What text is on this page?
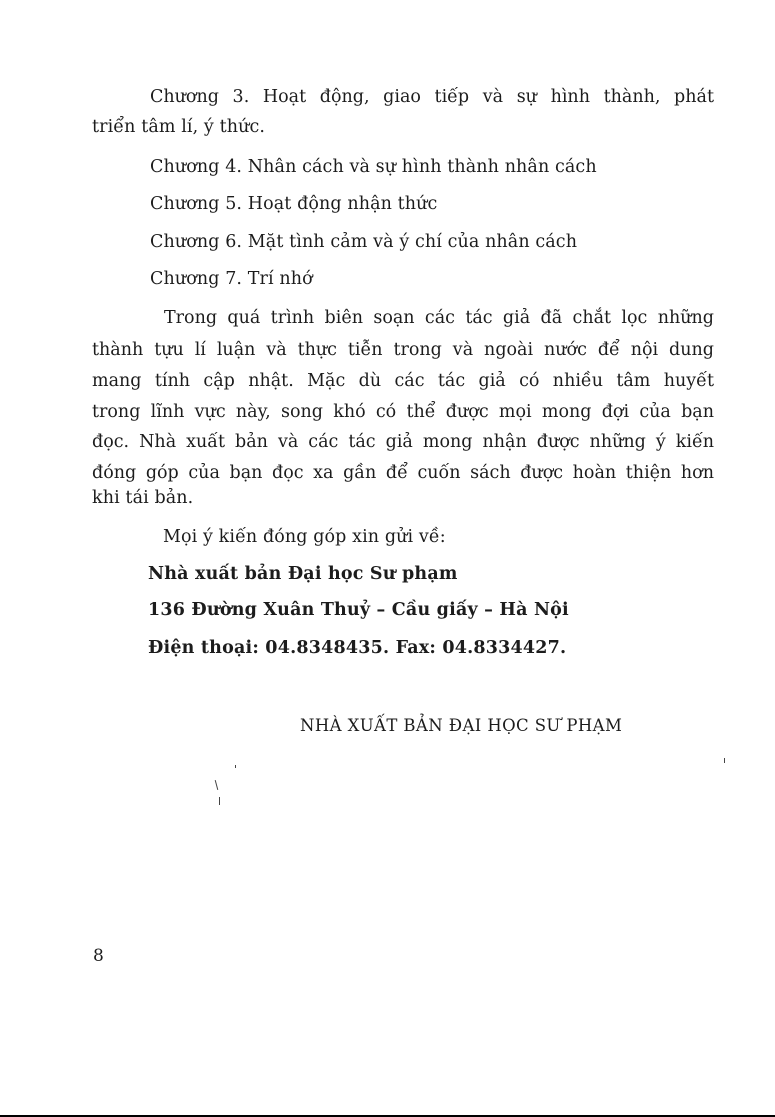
Chương 3. Hoạt động, giao tiếp và sự hình thành, phát
triển tâm lí, ý thức.
Chương 4. Nhân cách và sự hình thành nhân cách
Chương 5. Hoạt động nhận thức
Chương 6. Mặt tình cảm và ý chí của nhân cách
Chương 7. Trí nhớ
Trong quá trình biên soạn các tác giả đã chắt lọc những
thành tựu lí luận và thực tiễn trong và ngoài nước để nội dung
mang tính cập nhật. Mặc dù các tác giả có nhiều tâm huyết
trong lĩnh vực này, song khó có thể được mọi mong đợi của bạn
đọc. Nhà xuất bản và các tác giả mong nhận được những ý kiến
đóng góp của bạn đọc xa gần để cuốn sách được hoàn thiện hơn
khi tái bản.
Mọi ý kiến đóng góp xin gửi về:
Nhà xuất bản Đại học Sư phạm
136 Đường Xuân Thuỷ – Cầu giấy – Hà Nội
Điện thoại: 04.8348435. Fax: 04.8334427.
NHÀ XUẤT BẢN ĐẠI HỌC SƯ PHẠM
8
